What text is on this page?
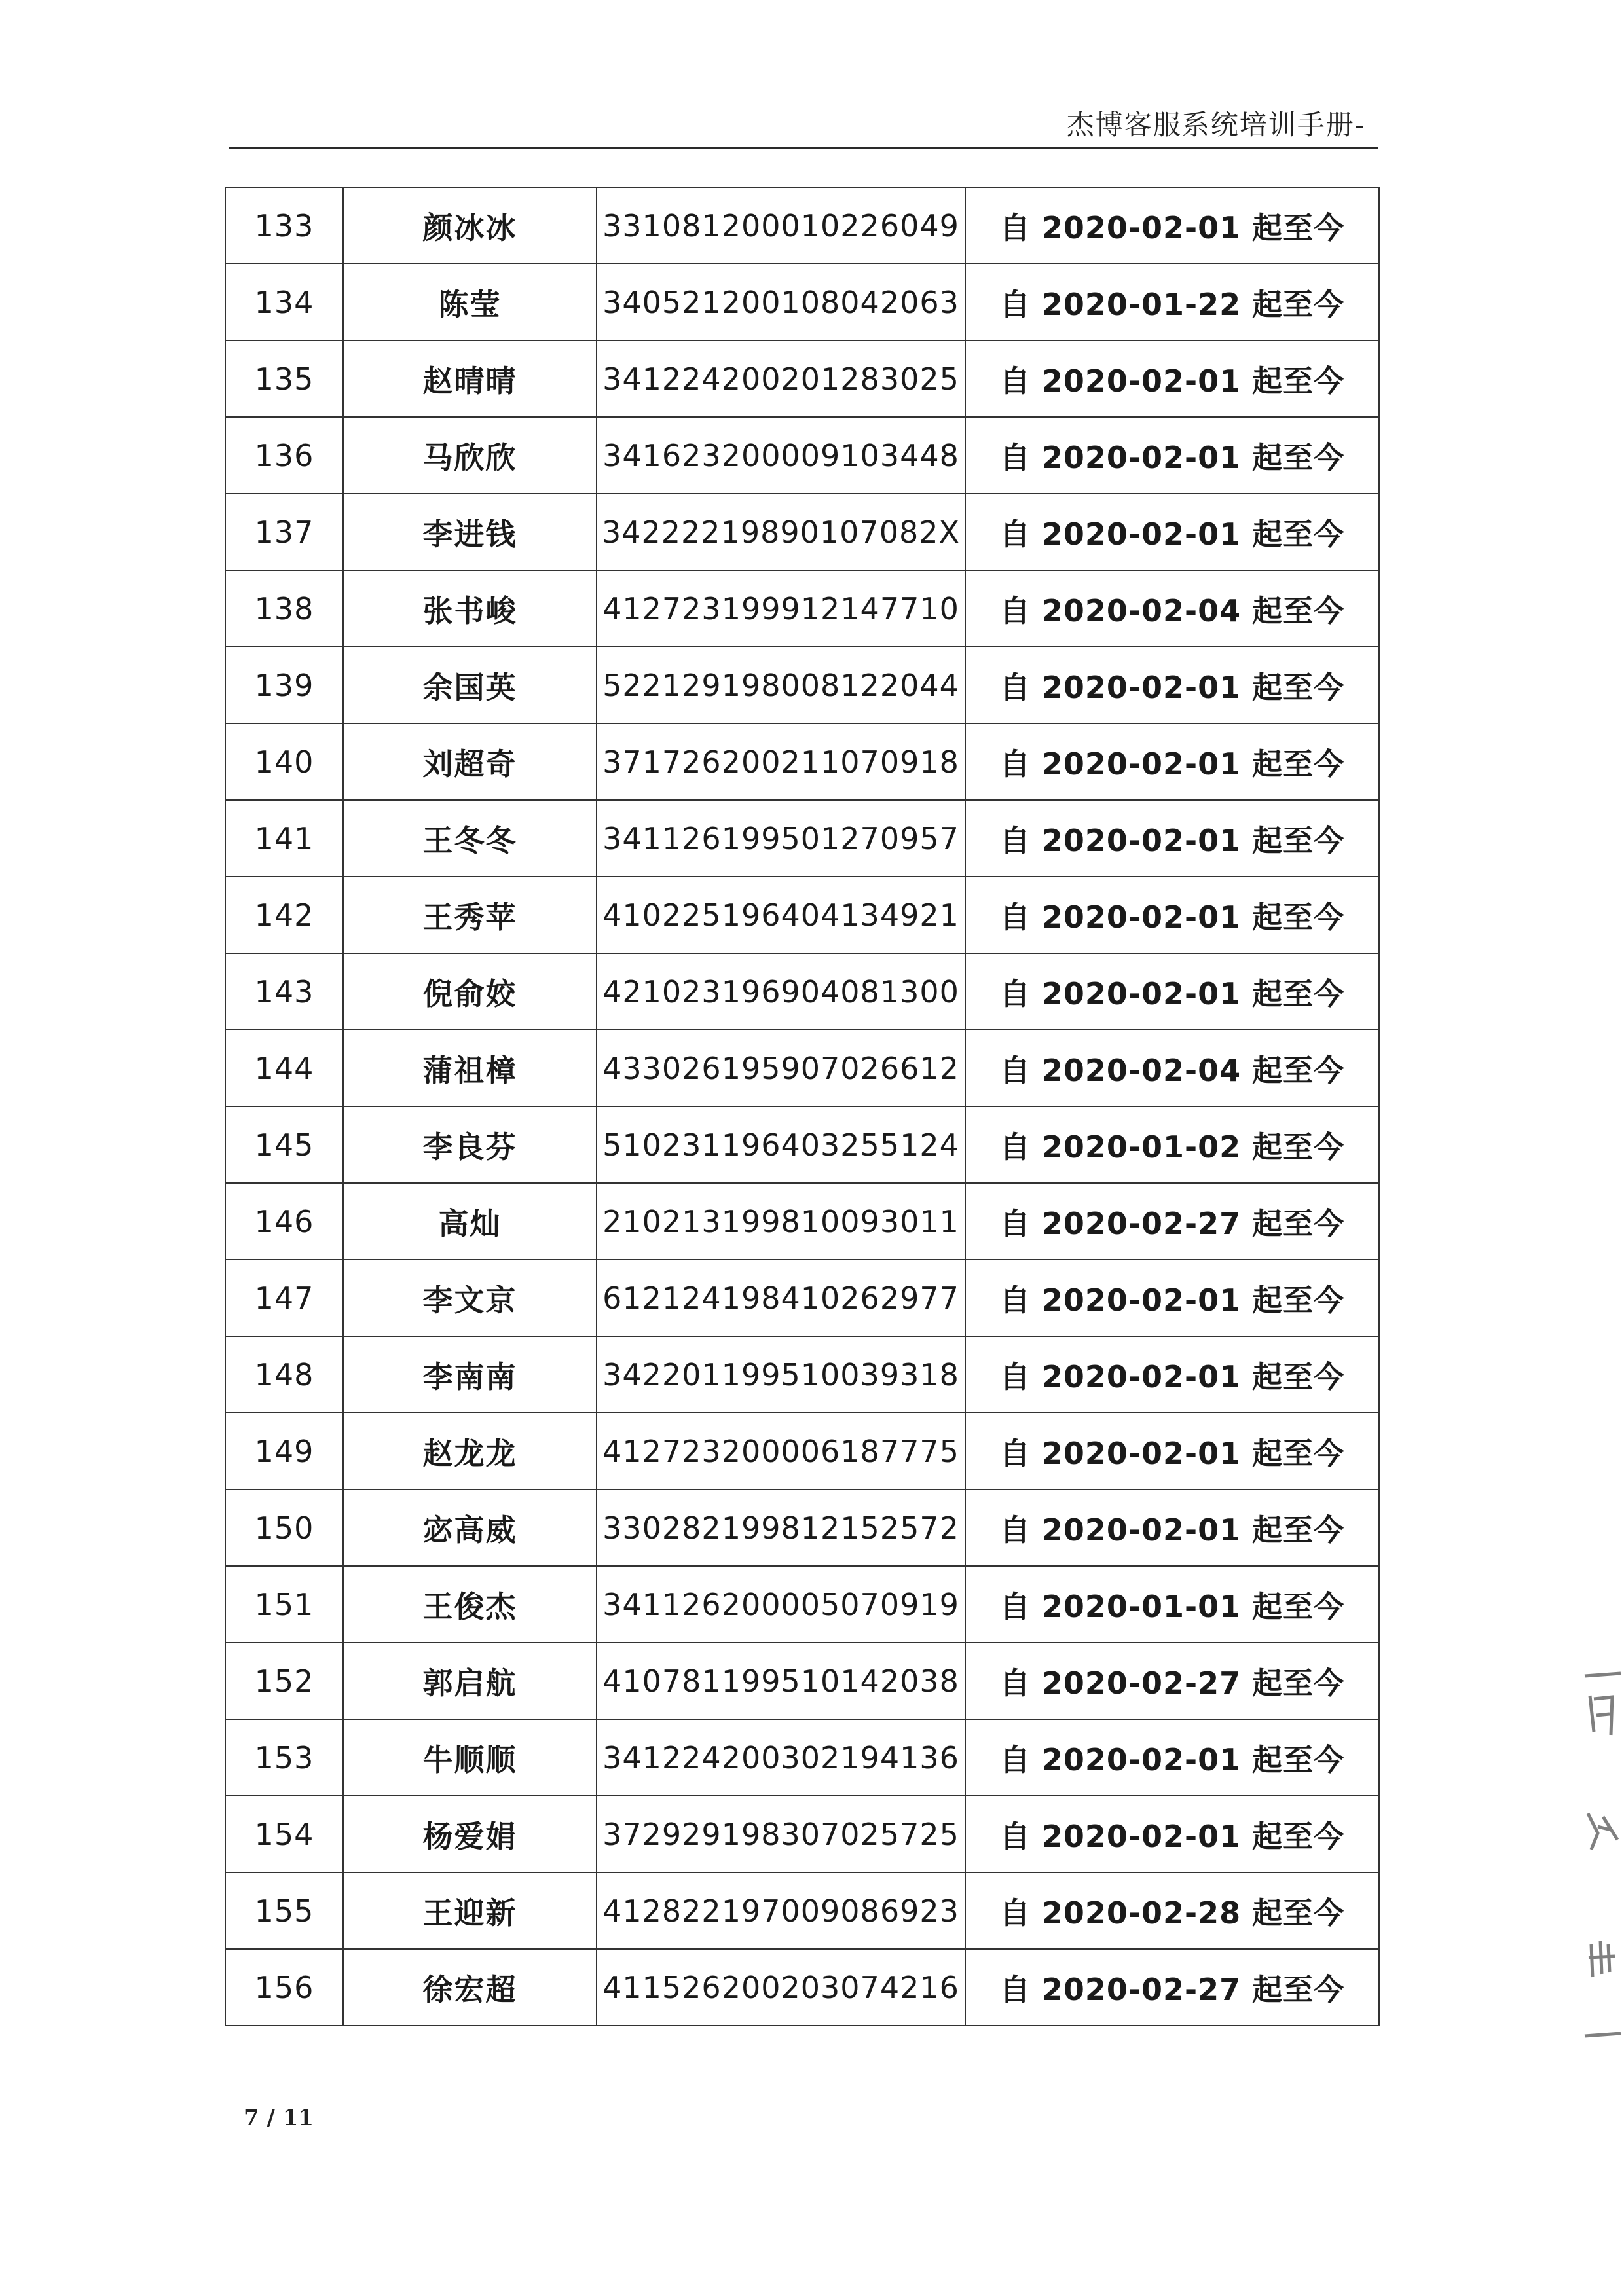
杰博客服系统培训手册-
133	颜冰冰	331081200010226049	自 2020-02-01 起至今
134	陈莹	340521200108042063	自 2020-01-22 起至今
135	赵晴晴	341224200201283025	自 2020-02-01 起至今
136	马欣欣	341623200009103448	自 2020-02-01 起至今
137	李进钱	34222219890107082X	自 2020-02-01 起至今
138	张书峻	412723199912147710	自 2020-02-04 起至今
139	余国英	522129198008122044	自 2020-02-01 起至今
140	刘超奇	371726200211070918	自 2020-02-01 起至今
141	王冬冬	341126199501270957	自 2020-02-01 起至今
142	王秀苹	410225196404134921	自 2020-02-01 起至今
143	倪俞姣	421023196904081300	自 2020-02-01 起至今
144	蒲祖樟	433026195907026612	自 2020-02-04 起至今
145	李良芬	510231196403255124	自 2020-01-02 起至今
146	高灿	210213199810093011	自 2020-02-27 起至今
147	李文京	612124198410262977	自 2020-02-01 起至今
148	李南南	342201199510039318	自 2020-02-01 起至今
149	赵龙龙	412723200006187775	自 2020-02-01 起至今
150	宓高威	330282199812152572	自 2020-02-01 起至今
151	王俊杰	341126200005070919	自 2020-01-01 起至今
152	郭启航	410781199510142038	自 2020-02-27 起至今
153	牛顺顺	341224200302194136	自 2020-02-01 起至今
154	杨爱娟	372929198307025725	自 2020-02-01 起至今
155	王迎新	412822197009086923	自 2020-02-28 起至今
156	徐宏超	411526200203074216	自 2020-02-27 起至今
7 / 11
